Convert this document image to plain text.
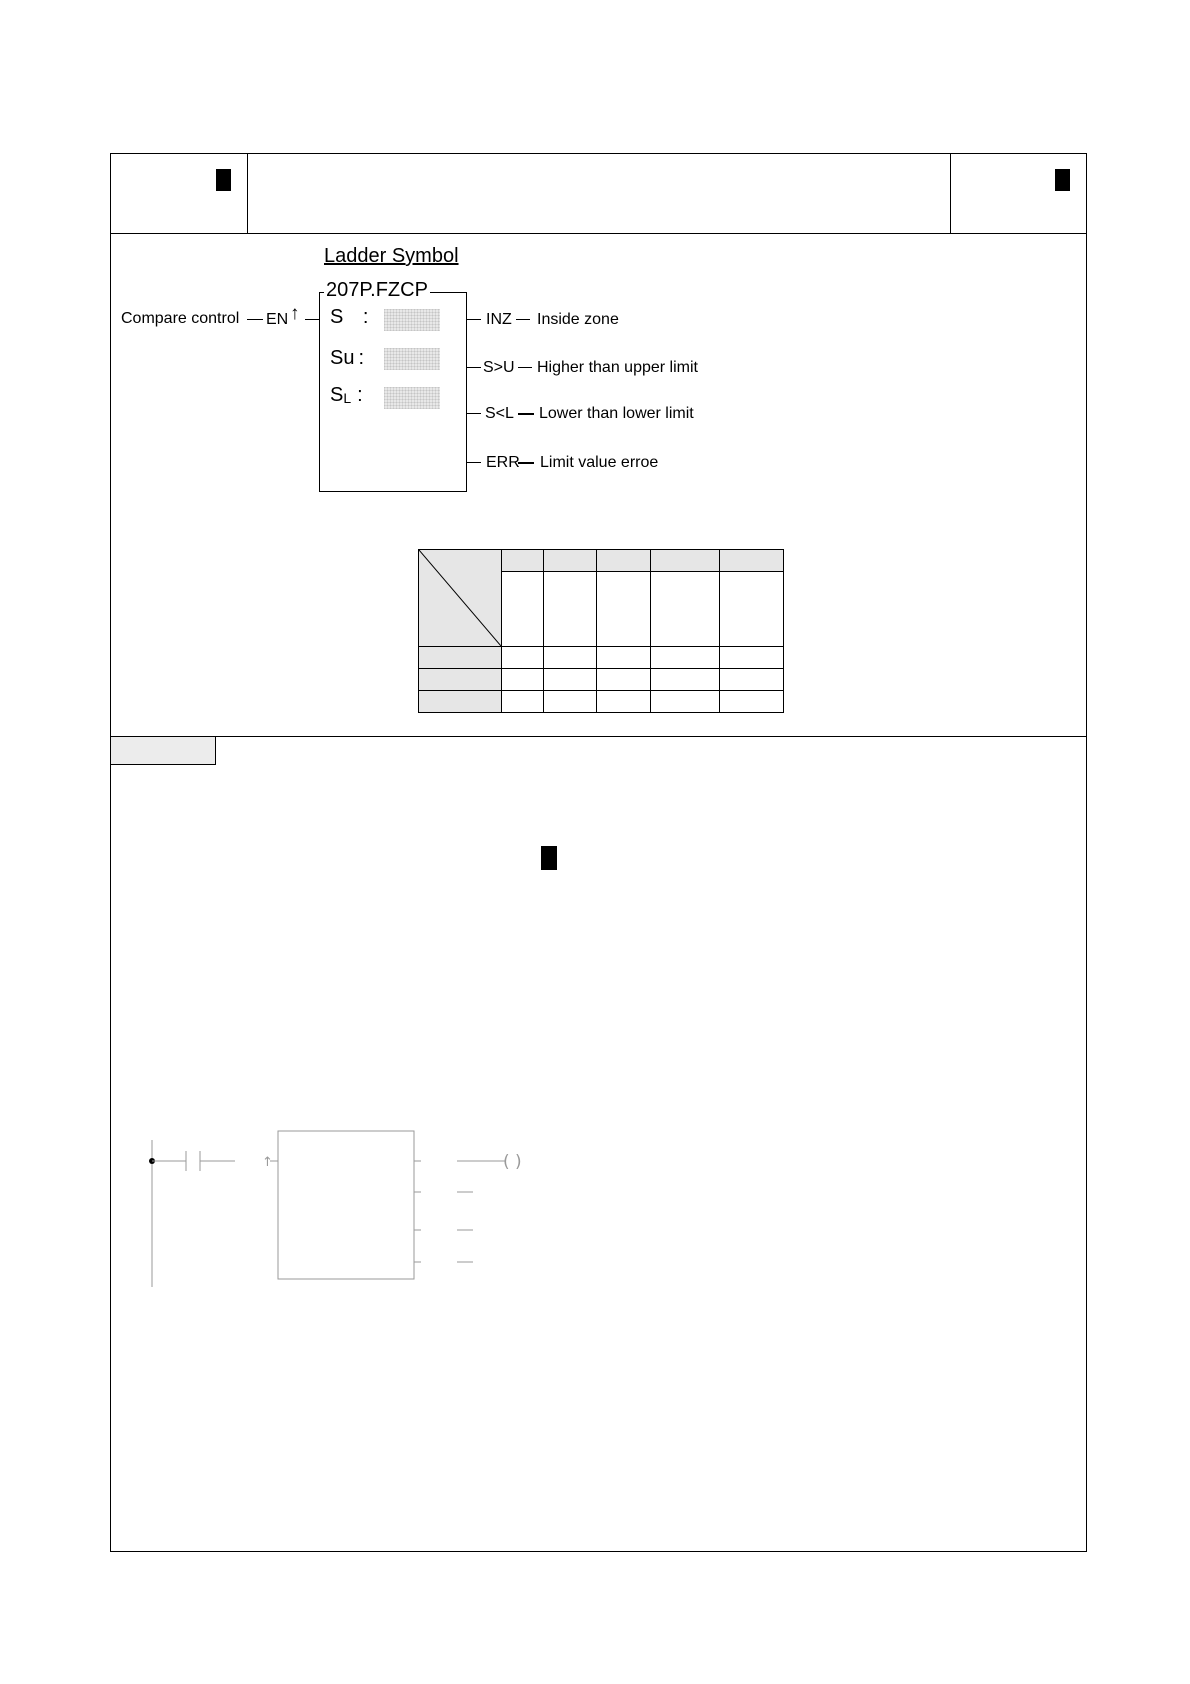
Ladder Symbol
207P.FZCP
Compare control EN ↑ S :
Su :
$S_L$ :
INZ Inside zone
S>U Higher than upper limit
S<L Lower than lower limit
ERR Limit value erroe

↑	( )
